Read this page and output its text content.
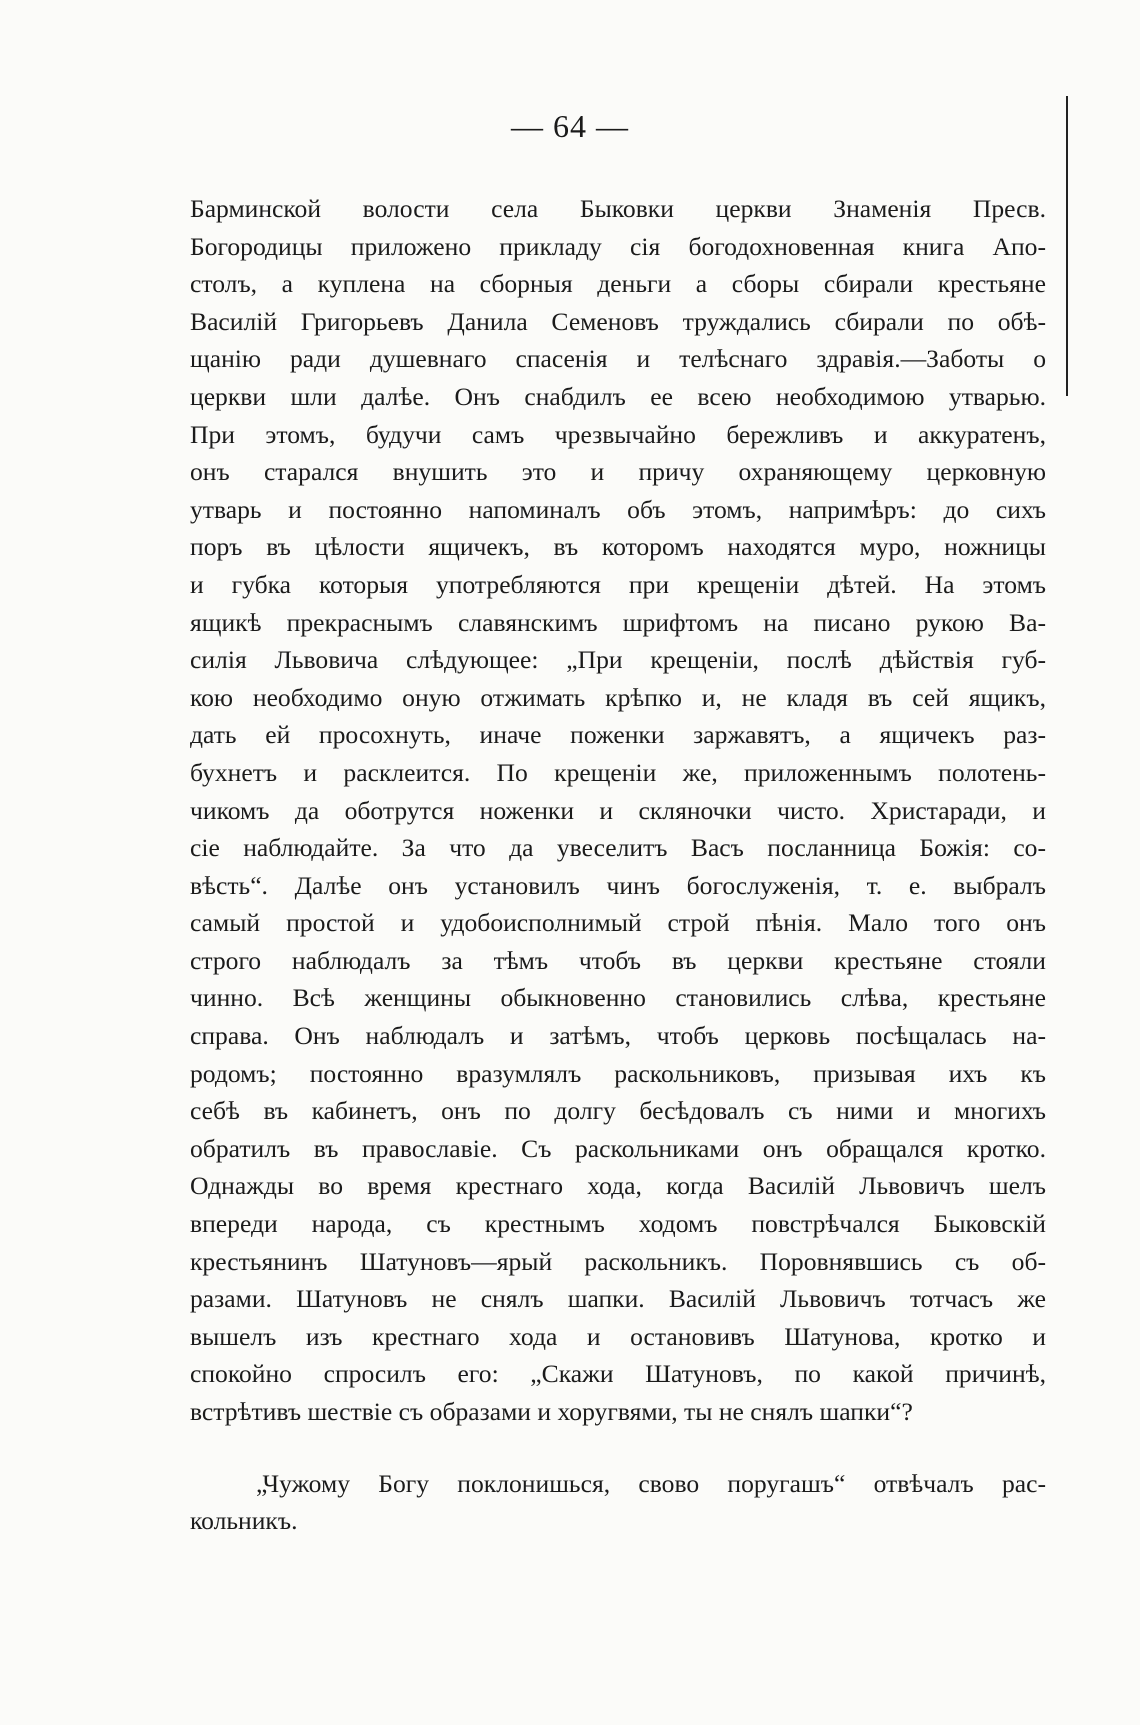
— 64 —
Барминской волости села Быковки церкви Знаменія Пресв.
Богородицы приложено прикладу сія богодохновенная книга Апо-
столъ, а куплена на сборныя деньги а сборы сбирали крестьяне
Василій Григорьевъ Данила Семеновъ труждались сбирали по обѣ-
щанію ради душевнаго спасенія и телѣснаго здравія.—Заботы о
церкви шли далѣе. Онъ снабдилъ ее всею необходимою утварью.
При этомъ, будучи самъ чрезвычайно бережливъ и аккуратенъ,
онъ старался внушить это и причу охраняющему церковную
утварь и постоянно напоминалъ объ этомъ, напримѣръ: до сихъ
поръ въ цѣлости ящичекъ, въ которомъ находятся муро, ножницы
и губка которыя употребляются при крещеніи дѣтей. На этомъ
ящикѣ прекраснымъ славянскимъ шрифтомъ на писано рукою Ва-
силія Львовича слѣдующее: „При крещеніи, послѣ дѣйствія губ-
кою необходимо оную отжимать крѣпко и, не кладя въ сей ящикъ,
дать ей просохнуть, иначе поженки заржавятъ, а ящичекъ раз-
бухнетъ и расклеится. По крещеніи же, приложеннымъ полотень-
чикомъ да оботрутся ноженки и скляночки чисто. Христаради, и
сіе наблюдайте. За что да увеселитъ Васъ посланница Божія: со-
вѣсть“. Далѣе онъ установилъ чинъ богослуженія, т. е. выбралъ
самый простой и удобоисполнимый строй пѣнія. Мало того онъ
строго наблюдалъ за тѣмъ чтобъ въ церкви крестьяне стояли
чинно. Всѣ женщины обыкновенно становились слѣва, крестьяне
справа. Онъ наблюдалъ и затѣмъ, чтобъ церковь посѣщалась на-
родомъ; постоянно вразумлялъ раскольниковъ, призывая ихъ къ
себѣ въ кабинетъ, онъ по долгу бесѣдовалъ съ ними и многихъ
обратилъ въ православіе. Съ раскольниками онъ обращался кротко.
Однажды во время крестнаго хода, когда Василій Львовичъ шелъ
впереди народа, съ крестнымъ ходомъ повстрѣчался Быковскій
крестьянинъ Шатуновъ—ярый раскольникъ. Поровнявшись съ об-
разами. Шатуновъ не снялъ шапки. Василій Львовичъ тотчасъ же
вышелъ изъ крестнаго хода и остановивъ Шатунова, кротко и
спокойно спросилъ его: „Скажи Шатуновъ, по какой причинѣ,
встрѣтивъ шествіе съ образами и хоругвями, ты не снялъ шапки“?
„Чужому Богу поклонишься, свово поругашъ“ отвѣчалъ рас-
кольникъ.
